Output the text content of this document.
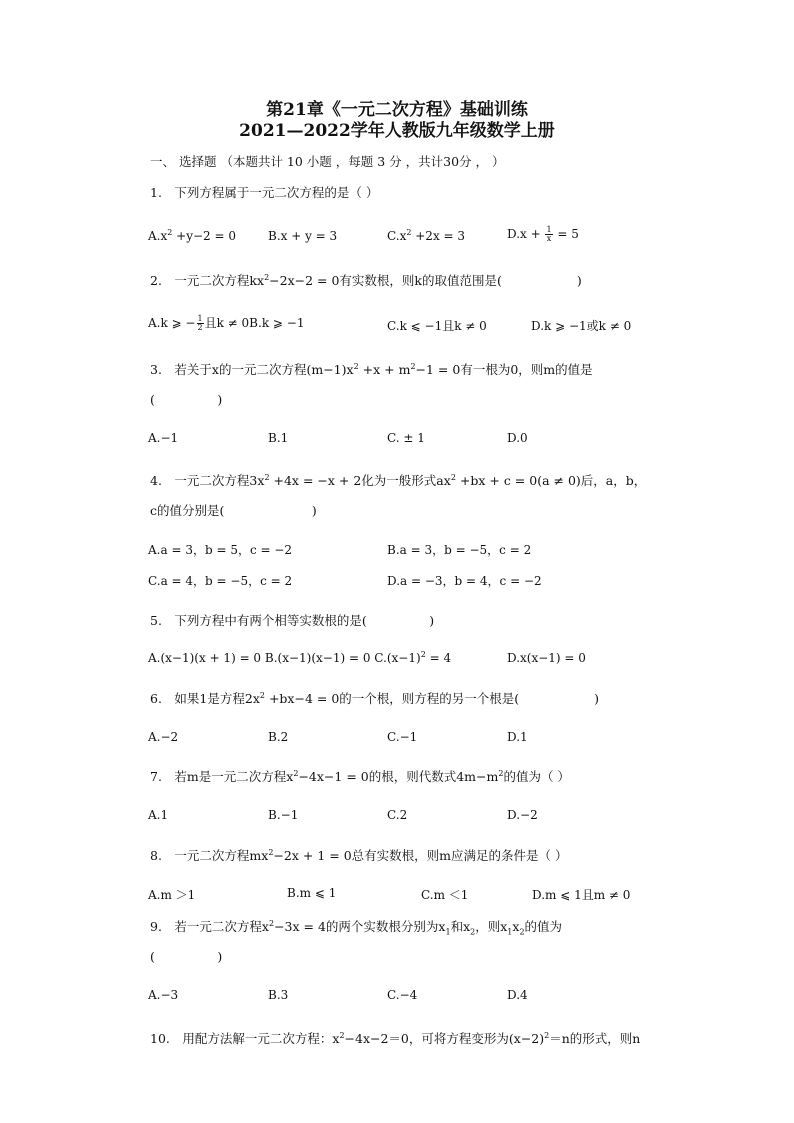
第21章《一元二次方程》基础训练
2021—2022学年人教版九年级数学上册
一、 选择题 （本题共计 10 小题 ，每题 3 分 ，共计30分 ， ）
1.　下列方程属于一元二次方程的是（ ）
$A.x^2 +y-2 = 0$	B.x + y = 3	$C.x^2 +2x = 3$	$D.x + \frac{1}{x} = 5$
2.　一元二次方程$kx^2-2x-2 = 0$有实数根，则k的取值范围是(　　　　　　)
A.k ⩾ − $\frac{1}{2}$ 且k ≠ 0B.k ⩾ −1	C.k ⩽ −1且k ≠ 0	D.k ⩾ −1或k ≠ 0
3.　若关于x的一元二次方程$(m-1)x^2 +x + m^2-1 = 0$有一根为0，则m的值是
(　　　　　)
A.−1	B.1	C. ± 1	D.0
4.　一元二次方程$3x^2 +4x = -x + 2$化为一般形式$ax^2 +bx + c = 0(a \ne 0)$后，a，b，
c的值分别是(　　　　　　　)
A.a = 3，b = 5，c = −2	B.a = 3，b = −5，c = 2
C.a = 4，b = −5，c = 2	D.a = −3，b = 4，c = −2
5.　下列方程中有两个相等实数根的是(　　　　　)
A.(x−1)(x + 1) = 0 B.(x−1)(x−1) = 0 $C.(x-1)^2 = 4$	D.x(x−1) = 0
6.　如果1是方程$2x^2 +bx-4 = 0$的一个根，则方程的另一个根是(　　　　　　)
A.−2	B.2	C.−1	D.1
7.　若m是一元二次方程$x^2-4x-1 = 0$的根，则代数式$4m-m^2$的值为（ ）
A.1	B.−1	C.2	D.−2
8.　一元二次方程$mx^2-2x + 1 = 0$总有实数根，则m应满足的条件是（ ）
A.m ＞1	B.m ⩽ 1	C.m ＜1	D.m ⩽ 1且m ≠ 0
9.　若一元二次方程$x^2-3x = 4$的两个实数根分别为$x_1$和$x_2$，则$x_1x_2$的值为
(　　　　　)
A.−3	B.3	C.−4	D.4
10.　用配方法解一元二次方程：$x^2-4x-2=0$，可将方程变形为$(x-2)^2=n$的形式，则n
